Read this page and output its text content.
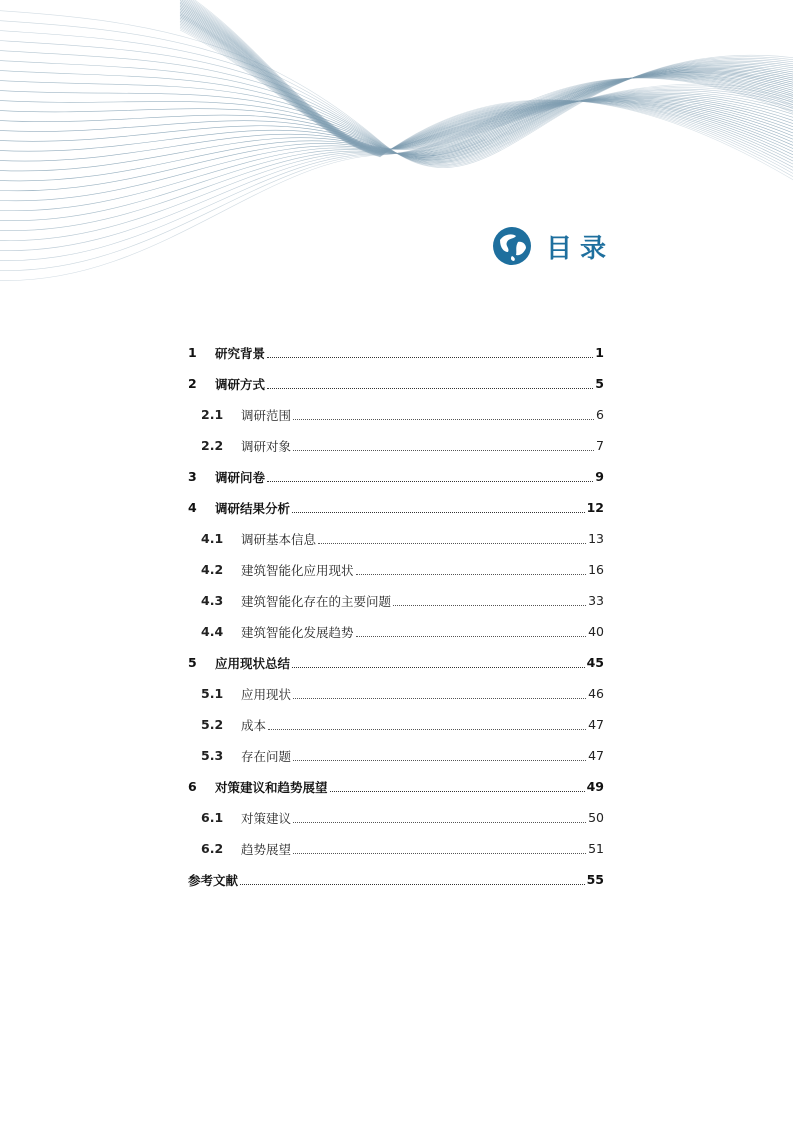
目录
1	研究背景	1
2	调研方式	5
2.1	调研范围	6
2.2	调研对象	7
3	调研问卷	9
4	调研结果分析	12
4.1	调研基本信息	13
4.2	建筑智能化应用现状	16
4.3	建筑智能化存在的主要问题	33
4.4	建筑智能化发展趋势	40
5	应用现状总结	45
5.1	应用现状	46
5.2	成本	47
5.3	存在问题	47
6	对策建议和趋势展望	49
6.1	对策建议	50
6.2	趋势展望	51
参考文献	55
